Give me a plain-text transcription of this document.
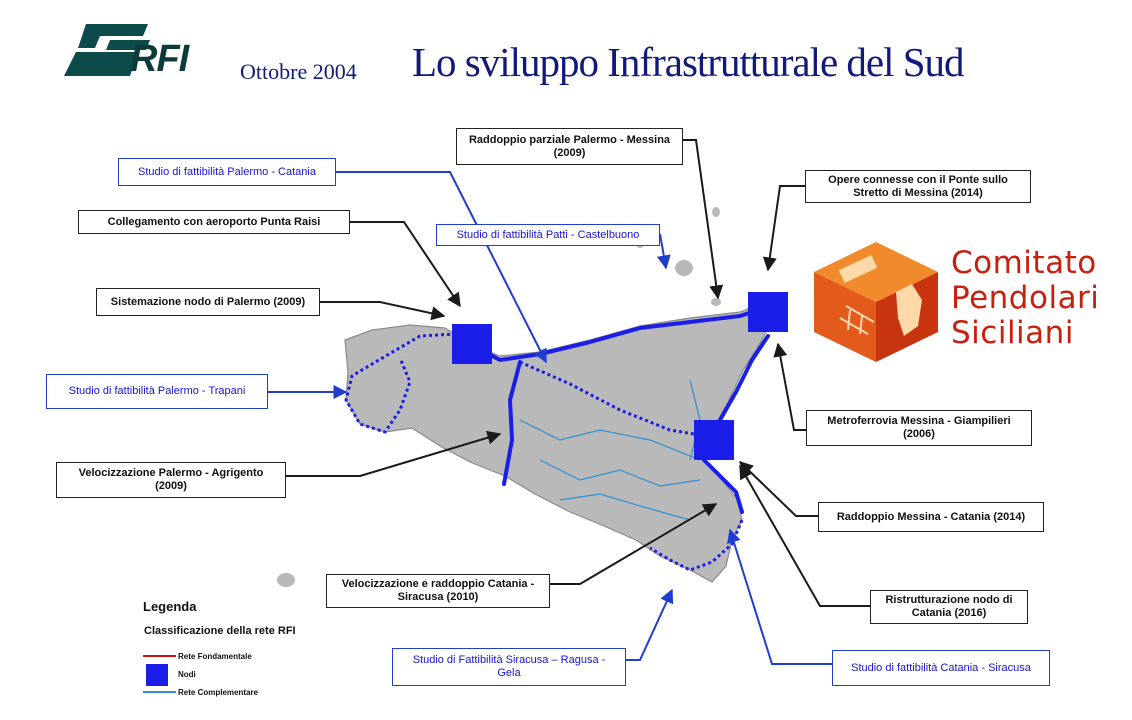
RFI Ottobre 2004 Lo sviluppo Infrastrutturale del Sud
Raddoppio parziale Palermo - Messina
(2009)
Studio di fattibilità Palermo - Catania
Collegamento con aeroporto Punta Raisi
Studio di fattibilità Patti - Castelbuono
Opere connesse con il Ponte sullo
Stretto di Messina (2014)
Sistemazione nodo di Palermo (2009)
Studio di fattibilità Palermo - Trapani
Metroferrovia Messina - Giampilieri
(2006)
Velocizzazione Palermo - Agrigento
(2009)
Raddoppio Messina - Catania (2014)
Velocizzazione e raddoppio Catania -
Siracusa (2010)	Ristrutturazione nodo di
Catania (2016)
Studio di Fattibilità Siracusa – Ragusa -
Gela	Studio di fattibilità Catania - Siracusa
Comitato
Pendolari
Siciliani
Legenda
Classificazione della rete RFI
Rete Fondamentale
Nodi
Rete Complementare
